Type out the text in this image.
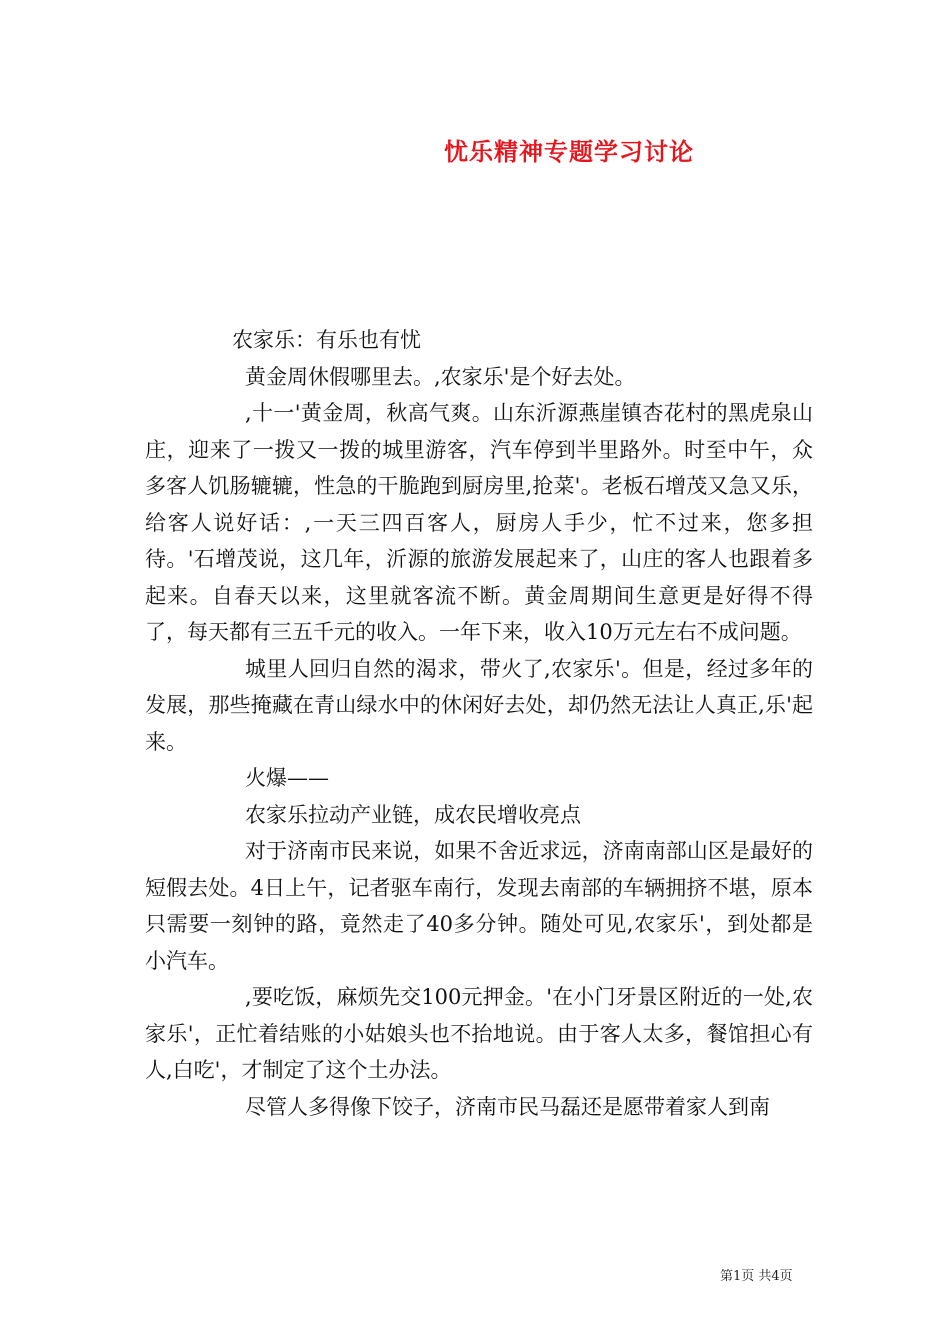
忧乐精神专题学习讨论

农家乐：有乐也有忧

黄金周休假哪里去。,农家乐'是个好去处。

,十一'黄金周，秋高气爽。山东沂源燕崖镇杏花村的黑虎泉山庄，迎来了一拨又一拨的城里游客，汽车停到半里路外。时至中午，众多客人饥肠辘辘，性急的干脆跑到厨房里,抢菜'。老板石增茂又急又乐，给客人说好话：,一天三四百客人，厨房人手少，忙不过来，您多担待。'石增茂说，这几年，沂源的旅游发展起来了，山庄的客人也跟着多起来。自春天以来，这里就客流不断。黄金周期间生意更是好得不得了，每天都有三五千元的收入。一年下来，收入10万元左右不成问题。

城里人回归自然的渴求，带火了,农家乐'。但是，经过多年的发展，那些掩藏在青山绿水中的休闲好去处，却仍然无法让人真正,乐'起来。

火爆——

农家乐拉动产业链，成农民增收亮点

对于济南市民来说，如果不舍近求远，济南南部山区是最好的短假去处。4日上午，记者驱车南行，发现去南部的车辆拥挤不堪，原本只需要一刻钟的路，竟然走了40多分钟。随处可见,农家乐'，到处都是小汽车。

,要吃饭，麻烦先交100元押金。'在小门牙景区附近的一处,农家乐'，正忙着结账的小姑娘头也不抬地说。由于客人太多，餐馆担心有人,白吃'，才制定了这个土办法。

尽管人多得像下饺子，济南市民马磊还是愿带着家人到南

第1页 共4页
